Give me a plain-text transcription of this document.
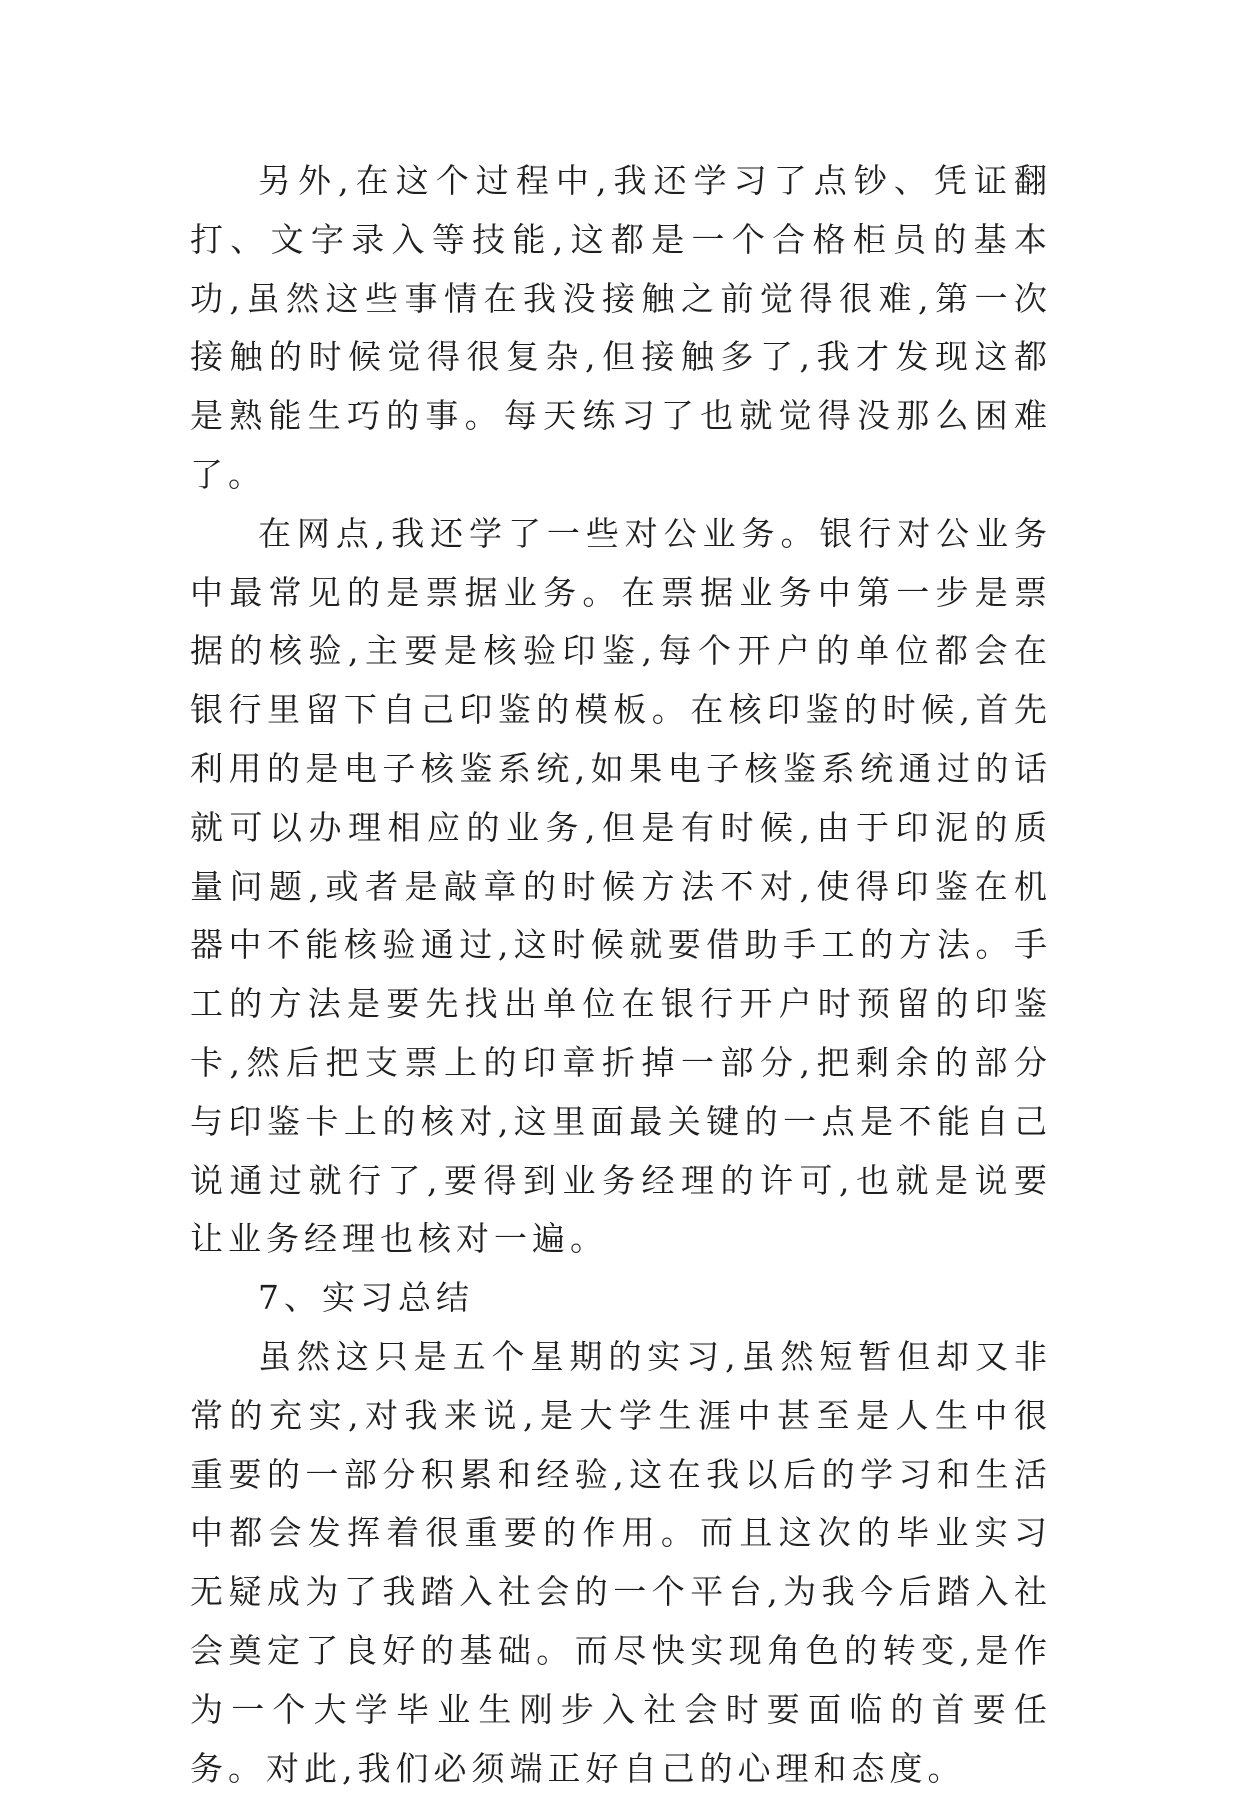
另外,在这个过程中,我还学习了点钞、凭证翻打、文字录入等技能,这都是一个合格柜员的基本功,虽然这些事情在我没接触之前觉得很难,第一次接触的时候觉得很复杂,但接触多了,我才发现这都是熟能生巧的事。每天练习了也就觉得没那么困难了。

在网点,我还学了一些对公业务。银行对公业务中最常见的是票据业务。在票据业务中第一步是票据的核验,主要是核验印鉴,每个开户的单位都会在银行里留下自己印鉴的模板。在核印鉴的时候,首先利用的是电子核鉴系统,如果电子核鉴系统通过的话就可以办理相应的业务,但是有时候,由于印泥的质量问题,或者是敲章的时候方法不对,使得印鉴在机器中不能核验通过,这时候就要借助手工的方法。手工的方法是要先找出单位在银行开户时预留的印鉴卡,然后把支票上的印章折掉一部分,把剩余的部分与印鉴卡上的核对,这里面最关键的一点是不能自己说通过就行了,要得到业务经理的许可,也就是说要让业务经理也核对一遍。

7、实习总结

虽然这只是五个星期的实习,虽然短暂但却又非常的充实,对我来说,是大学生涯中甚至是人生中很重要的一部分积累和经验,这在我以后的学习和生活中都会发挥着很重要的作用。而且这次的毕业实习无疑成为了我踏入社会的一个平台,为我今后踏入社会奠定了良好的基础。而尽快实现角色的转变,是作为一个大学毕业生刚步入社会时要面临的首要任务。对此,我们必须端正好自己的心理和态度。
